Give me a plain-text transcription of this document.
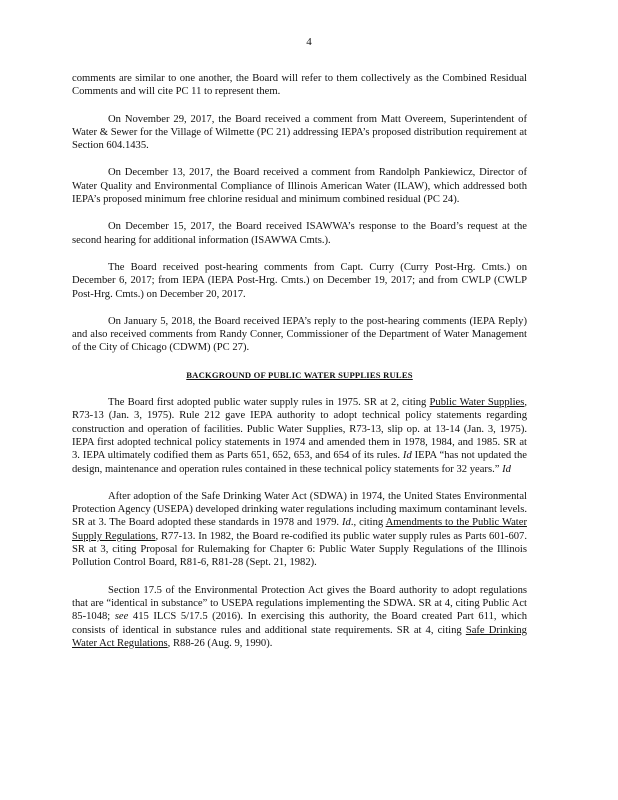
4

comments are similar to one another, the Board will refer to them collectively as the Combined Residual Comments and will cite PC 11 to represent them.

On November 29, 2017, the Board received a comment from Matt Overeem, Superintendent of Water & Sewer for the Village of Wilmette (PC 21) addressing IEPA’s proposed distribution requirement at Section 604.1435.

On December 13, 2017, the Board received a comment from Randolph Pankiewicz, Director of Water Quality and Environmental Compliance of Illinois American Water (ILAW), which addressed both IEPA’s proposed minimum free chlorine residual and minimum combined residual (PC 24).

On December 15, 2017, the Board received ISAWWA’s response to the Board’s request at the second hearing for additional information (ISAWWA Cmts.).

The Board received post-hearing comments from Capt. Curry (Curry Post-Hrg. Cmts.) on December 6, 2017; from IEPA (IEPA Post-Hrg. Cmts.) on December 19, 2017; and from CWLP (CWLP Post-Hrg. Cmts.) on December 20, 2017.

On January 5, 2018, the Board received IEPA’s reply to the post-hearing comments (IEPA Reply) and also received comments from Randy Conner, Commissioner of the Department of Water Management of the City of Chicago (CDWM) (PC 27).

BACKGROUND OF PUBLIC WATER SUPPLIES RULES

The Board first adopted public water supply rules in 1975. SR at 2, citing Public Water Supplies, R73-13 (Jan. 3, 1975). Rule 212 gave IEPA authority to adopt technical policy statements regarding construction and operation of facilities. Public Water Supplies, R73-13, slip op. at 13-14 (Jan. 3, 1975). IEPA first adopted technical policy statements in 1974 and amended them in 1978, 1984, and 1985. SR at 3. IEPA ultimately codified them as Parts 651, 652, 653, and 654 of its rules. Id IEPA “has not updated the design, maintenance and operation rules contained in these technical policy statements for 32 years.” Id

After adoption of the Safe Drinking Water Act (SDWA) in 1974, the United States Environmental Protection Agency (USEPA) developed drinking water regulations including maximum contaminant levels. SR at 3. The Board adopted these standards in 1978 and 1979. Id., citing Amendments to the Public Water Supply Regulations, R77-13. In 1982, the Board re-codified its public water supply rules as Parts 601-607. SR at 3, citing Proposal for Rulemaking for Chapter 6: Public Water Supply Regulations of the Illinois Pollution Control Board, R81-6, R81-28 (Sept. 21, 1982).

Section 17.5 of the Environmental Protection Act gives the Board authority to adopt regulations that are “identical in substance” to USEPA regulations implementing the SDWA. SR at 4, citing Public Act 85-1048; see 415 ILCS 5/17.5 (2016). In exercising this authority, the Board created Part 611, which consists of identical in substance rules and additional state requirements. SR at 4, citing Safe Drinking Water Act Regulations, R88-26 (Aug. 9, 1990).
